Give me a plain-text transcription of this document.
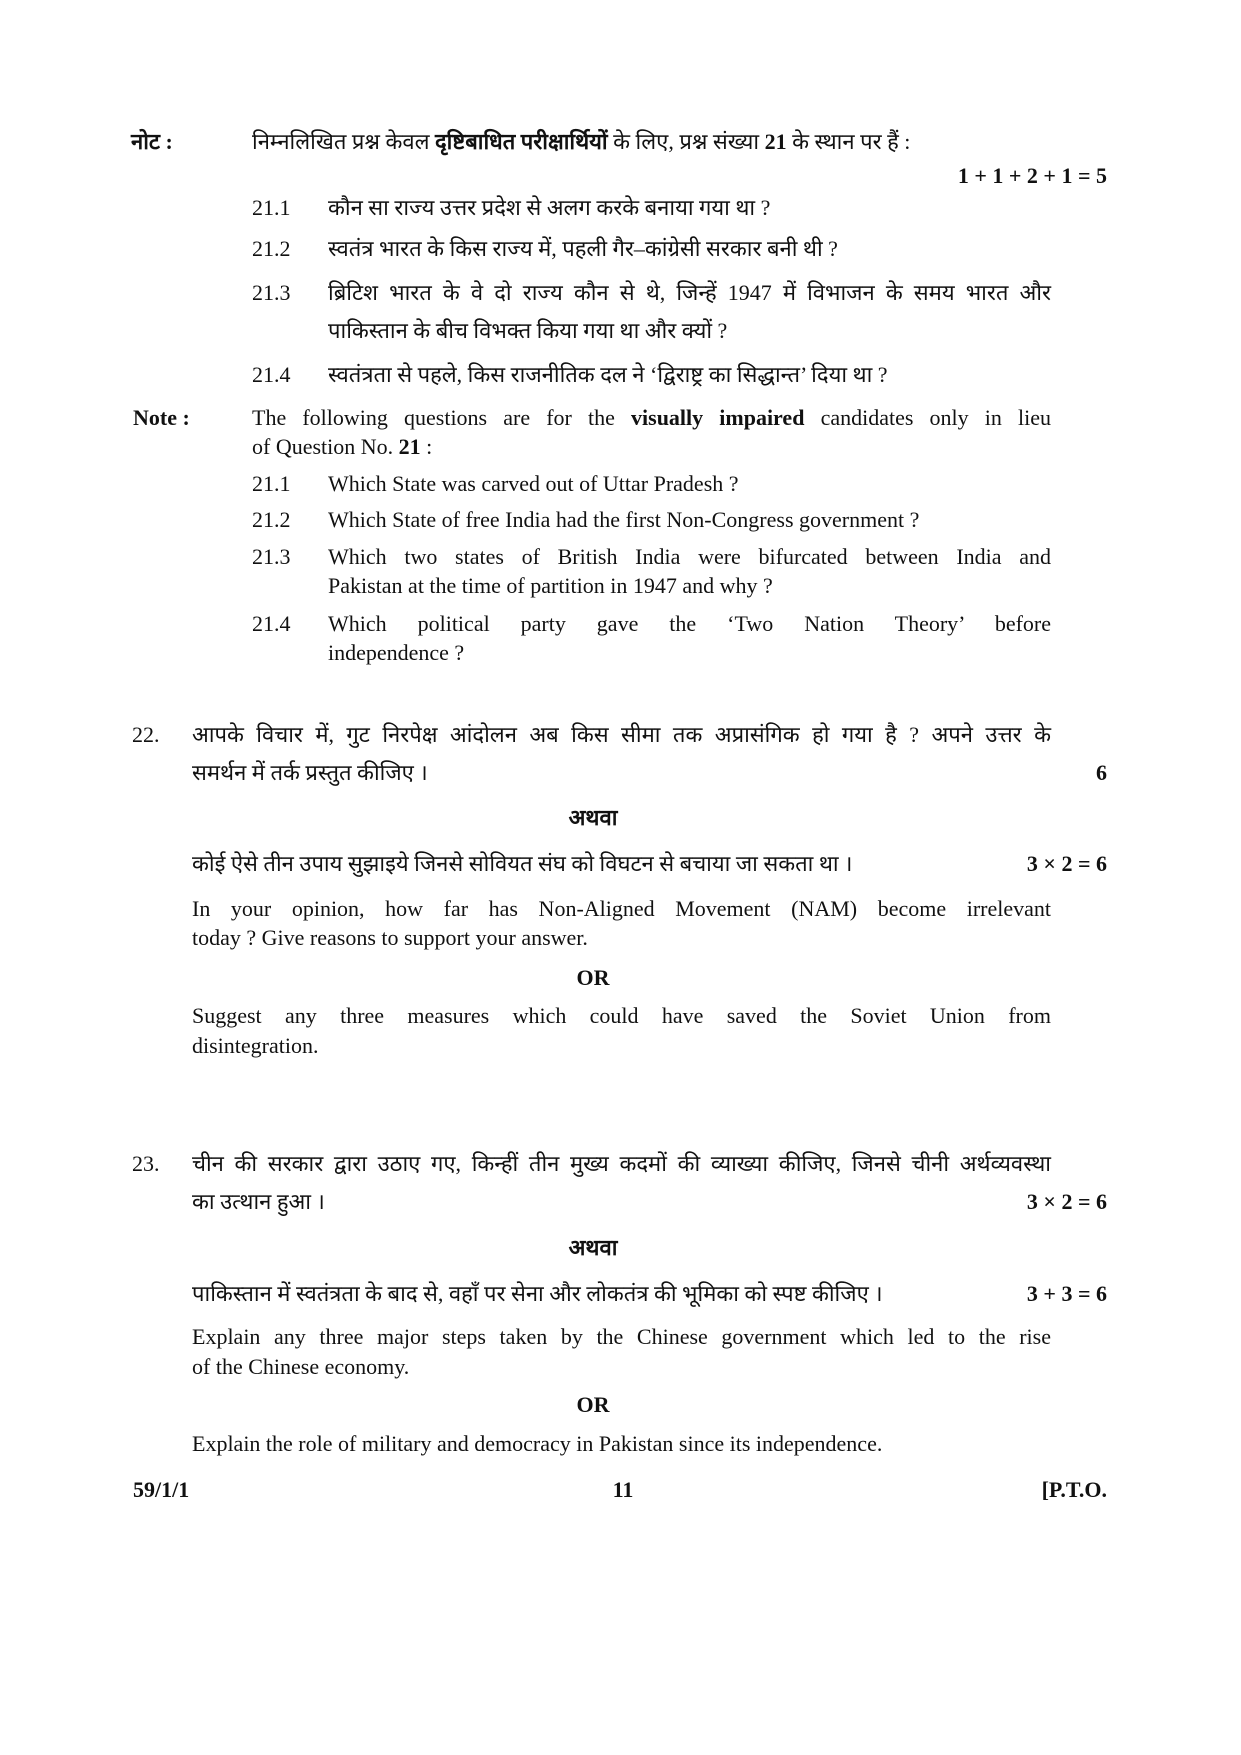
नोट :	निम्नलिखित प्रश्न केवल दृष्टिबाधित परीक्षार्थियों के लिए, प्रश्न संख्या 21 के स्थान पर हैं :
1 + 1 + 2 + 1 = 5
21.1 कौन सा राज्य उत्तर प्रदेश से अलग करके बनाया गया था ?
21.2 स्वतंत्र भारत के किस राज्य में, पहली गैर–कांग्रेसी सरकार बनी थी ?
21.3 ब्रिटिश भारत के वे दो राज्य कौन से थे, जिन्हें 1947 में विभाजन के समय भारत और
पाकिस्तान के बीच विभक्त किया गया था और क्यों ?
21.4 स्वतंत्रता से पहले, किस राजनीतिक दल ने ‘द्विराष्ट्र का सिद्धान्त’ दिया था ?
Note :	The following questions are for the visually impaired candidates only in lieu
of Question No. 21 :
21.1 Which State was carved out of Uttar Pradesh ?
21.2 Which State of free India had the first Non-Congress government ?
21.3 Which two states of British India were bifurcated between India and
Pakistan at the time of partition in 1947 and why ?
21.4 Which political party gave the ‘Two Nation Theory’ before
independence ?
22. आपके विचार में, गुट निरपेक्ष आंदोलन अब किस सीमा तक अप्रासंगिक हो गया है ? अपने उत्तर के
समर्थन में तर्क प्रस्तुत कीजिए ।	6
अथवा
कोई ऐसे तीन उपाय सुझाइये जिनसे सोवियत संघ को विघटन से बचाया जा सकता था ।	3 × 2 = 6
In your opinion, how far has Non-Aligned Movement (NAM) become irrelevant
today ? Give reasons to support your answer.
OR
Suggest any three measures which could have saved the Soviet Union from
disintegration.
23. चीन की सरकार द्वारा उठाए गए, किन्हीं तीन मुख्य कदमों की व्याख्या कीजिए, जिनसे चीनी अर्थव्यवस्था
का उत्थान हुआ ।	3 × 2 = 6
अथवा
पाकिस्तान में स्वतंत्रता के बाद से, वहाँ पर सेना और लोकतंत्र की भूमिका को स्पष्ट कीजिए ।	3 + 3 = 6
Explain any three major steps taken by the Chinese government which led to the rise
of the Chinese economy.
OR
Explain the role of military and democracy in Pakistan since its independence.
59/1/1	11	[P.T.O.
